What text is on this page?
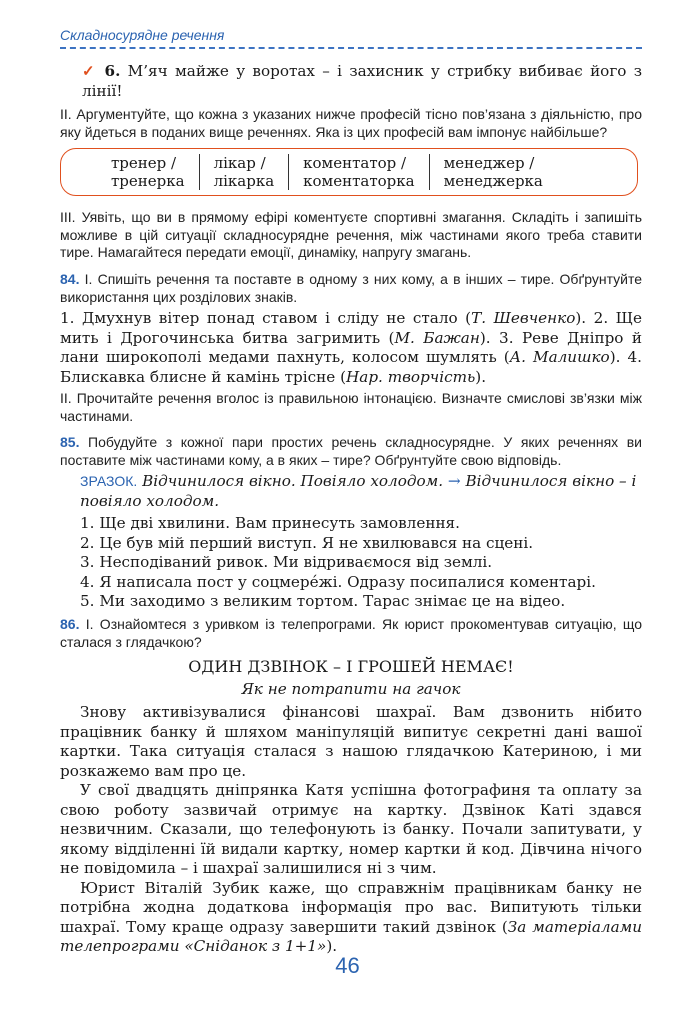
Складносурядне речення
✓ 6. М’яч майже у воротах – і захисник у стрибку вибиває його з лінії!
II. Аргументуйте, що кожна з указаних нижче професій тісно пов’язана з діяльністю, про яку йдеться в поданих вище реченнях. Яка із цих професій вам імпонує найбільше?
тренер /
тренерка
лікар /
лікарка
коментатор /
коментаторка
менеджер /
менеджерка
III. Уявіть, що ви в прямому ефірі коментуєте спортивні змагання. Складіть і запишіть можливе в цій ситуації складносурядне речення, між частинами якого треба ставити тире. Намагайтеся передати емоції, динаміку, напругу змагань.
84. І. Спишіть речення та поставте в одному з них кому, а в інших – тире. Обґрунтуйте використання цих розділових знаків.
1. Дмухнув вітер понад ставом і сліду не стало (Т. Шевченко). 2. Ще мить і Дрогочинська битва загримить (М. Бажан). 3. Реве Дніпро й лани широкополі медами пахнуть, колосом шумлять (А. Малишко). 4. Блискавка блисне й камінь трісне (Нар. творчість).
II. Прочитайте речення вголос із правильною інтонацією. Визначте смислові зв’язки між частинами.
85. Побудуйте з кожної пари простих речень складносурядне. У яких реченнях ви поставите між частинами кому, а в яких – тире? Обґрунтуйте свою відповідь.
ЗРАЗОК. Відчинилося вікно. Повіяло холодом. → Відчинилося вікно – і повіяло холодом.
1. Ще дві хвилини. Вам принесуть замовлення.
2. Це був мій перший виступ. Я не хвилювався на сцені.
3. Несподіваний ривок. Ми відриваємося від землі.
4. Я написала пост у соцмере́жі. Одразу посипалися коментарі.
5. Ми заходимо з великим тортом. Тарас знімає це на відео.
86. І. Ознайомтеся з уривком із телепрограми. Як юрист прокоментував ситуацію, що сталася з глядачкою?
ОДИН ДЗВІНОК – І ГРОШЕЙ НЕМАЄ!
Як не потрапити на гачок
Знову активізувалися фінансові шахраї. Вам дзвонить нібито працівник банку й шляхом маніпуляцій випитує секретні дані вашої картки. Така ситуація сталася з нашою глядачкою Катериною, і ми розкажемо вам про це.
У свої двадцять дніпрянка Катя успішна фотографиня та оплату за свою роботу зазвичай отримує на картку. Дзвінок Каті здався незвичним. Сказали, що телефонують із банку. Почали запитувати, у якому відділенні їй видали картку, номер картки й код. Дівчина нічого не повідомила – і шахраї залишилися ні з чим.
Юрист Віталій Зубик каже, що справжнім працівникам банку не потрібна жодна додаткова інформація про вас. Випитують тільки шахраї. Тому краще одразу завершити такий дзвінок (За матеріалами телепрограми «Сніданок з 1+1»).
46
